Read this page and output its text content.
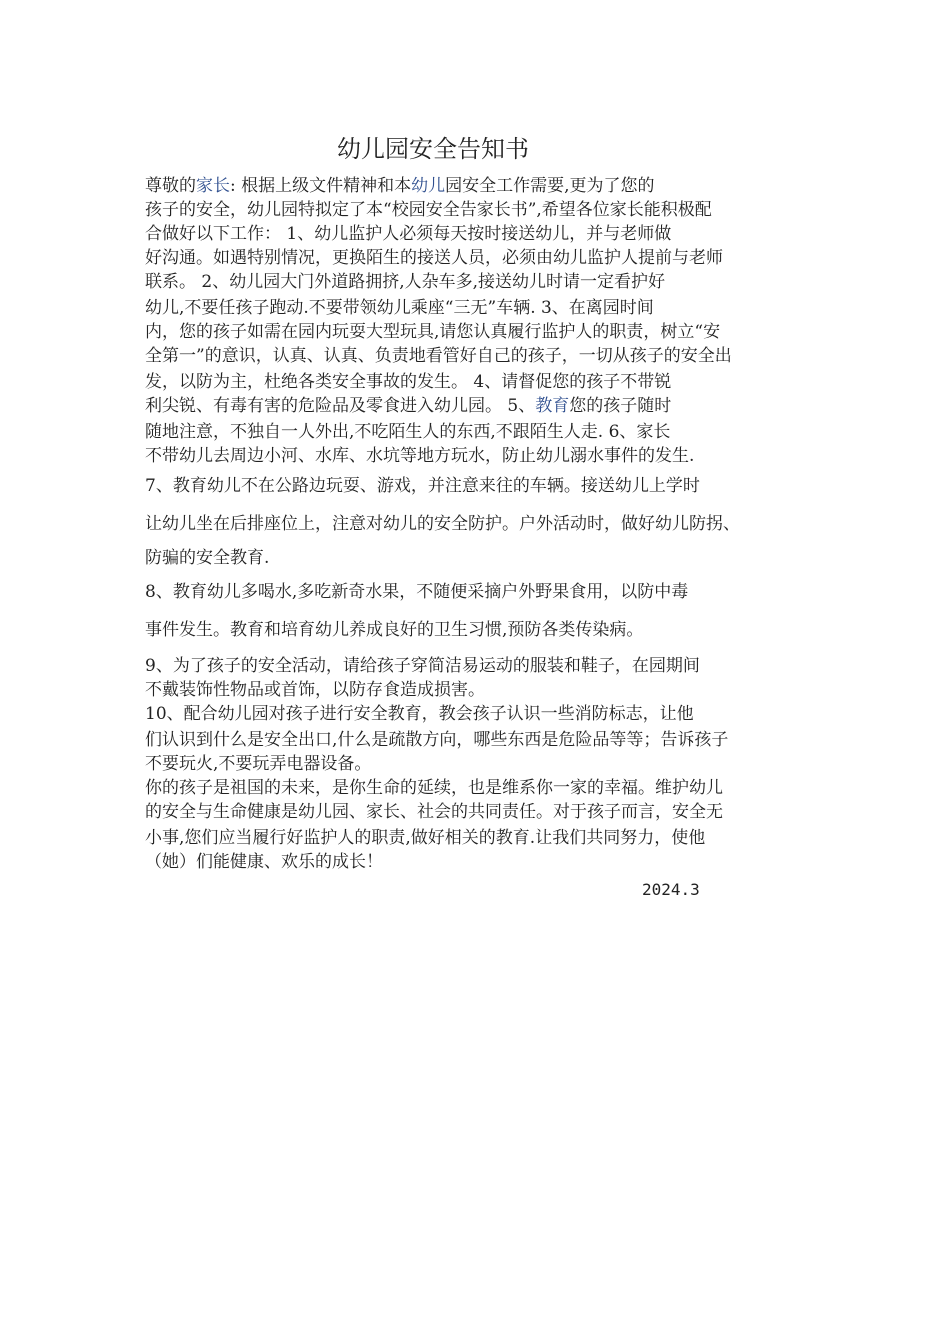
幼儿园安全告知书
尊敬的家长: 根据上级文件精神和本幼儿园安全工作需要,更为了您的
孩子的安全，幼儿园特拟定了本“校园安全告家长书”,希望各位家长能积极配
合做好以下工作： 1、幼儿监护人必须每天按时接送幼儿，并与老师做
好沟通。如遇特别情况，更换陌生的接送人员，必须由幼儿监护人提前与老师
联系。 2、幼儿园大门外道路拥挤,人杂车多,接送幼儿时请一定看护好
幼儿,不要任孩子跑动.不要带领幼儿乘座“三无”车辆. 3、在离园时间
内，您的孩子如需在园内玩耍大型玩具,请您认真履行监护人的职责，树立“安
全第一”的意识，认真、认真、负责地看管好自己的孩子，一切从孩子的安全出
发，以防为主，杜绝各类安全事故的发生。 4、请督促您的孩子不带锐
利尖锐、有毒有害的危险品及零食进入幼儿园。 5、教育您的孩子随时
随地注意，不独自一人外出,不吃陌生人的东西,不跟陌生人走. 6、家长
不带幼儿去周边小河、水库、水坑等地方玩水，防止幼儿溺水事件的发生.
7、教育幼儿不在公路边玩耍、游戏，并注意来往的车辆。接送幼儿上学时
让幼儿坐在后排座位上，注意对幼儿的安全防护。户外活动时，做好幼儿防拐、
防骗的安全教育.
8、教育幼儿多喝水,多吃新奇水果，不随便采摘户外野果食用，以防中毒
事件发生。教育和培育幼儿养成良好的卫生习惯,预防各类传染病。
9、为了孩子的安全活动，请给孩子穿简洁易运动的服装和鞋子，在园期间
不戴装饰性物品或首饰，以防存食造成损害。
10、配合幼儿园对孩子进行安全教育，教会孩子认识一些消防标志，让他
们认识到什么是安全出口,什么是疏散方向，哪些东西是危险品等等；告诉孩子
不要玩火,不要玩弄电器设备。
你的孩子是祖国的未来，是你生命的延续，也是维系你一家的幸福。维护幼儿
的安全与生命健康是幼儿园、家长、社会的共同责任。对于孩子而言，安全无
小事,您们应当履行好监护人的职责,做好相关的教育.让我们共同努力，使他
（她）们能健康、欢乐的成长！
2024.3
